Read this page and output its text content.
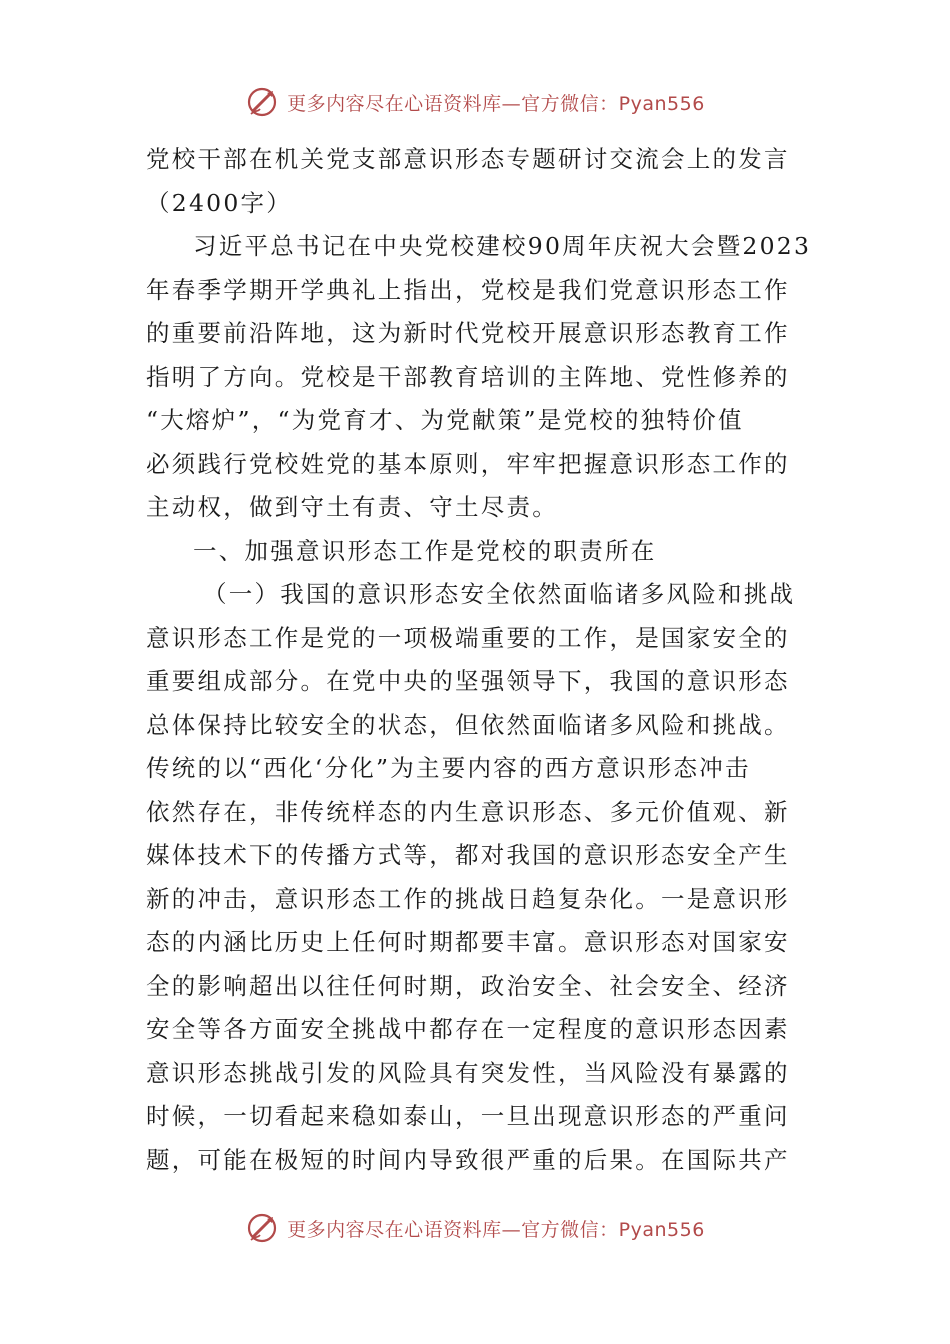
更多内容尽在心语资料库—官方微信：Pyan556
党校干部在机关党支部意识形态专题研讨交流会上的发言
（2400字）
习近平总书记在中央党校建校90周年庆祝大会暨2023
年春季学期开学典礼上指出，党校是我们党意识形态工作
的重要前沿阵地，这为新时代党校开展意识形态教育工作
指明了方向。党校是干部教育培训的主阵地、党性修养的
“大熔炉”，“为党育才、为党献策”是党校的独特价值
必须践行党校姓党的基本原则，牢牢把握意识形态工作的
主动权，做到守土有责、守土尽责。
一、加强意识形态工作是党校的职责所在
（一）我国的意识形态安全依然面临诸多风险和挑战
意识形态工作是党的一项极端重要的工作，是国家安全的
重要组成部分。在党中央的坚强领导下，我国的意识形态
总体保持比较安全的状态，但依然面临诸多风险和挑战。
传统的以“西化‘分化”为主要内容的西方意识形态冲击
依然存在，非传统样态的内生意识形态、多元价值观、新
媒体技术下的传播方式等，都对我国的意识形态安全产生
新的冲击，意识形态工作的挑战日趋复杂化。一是意识形
态的内涵比历史上任何时期都要丰富。意识形态对国家安
全的影响超出以往任何时期，政治安全、社会安全、经济
安全等各方面安全挑战中都存在一定程度的意识形态因素
意识形态挑战引发的风险具有突发性，当风险没有暴露的
时候，一切看起来稳如泰山，一旦出现意识形态的严重问
题，可能在极短的时间内导致很严重的后果。在国际共产
更多内容尽在心语资料库—官方微信：Pyan556
